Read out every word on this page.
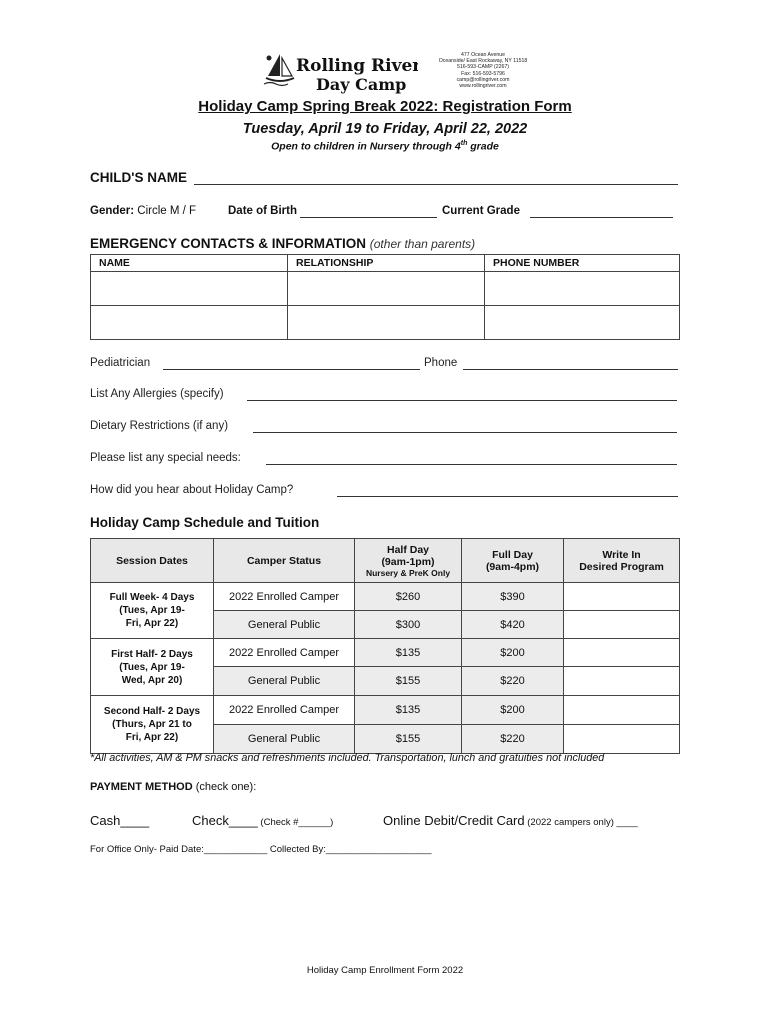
Rolling River
Day Camp
477 Ocean Avenue
Oceanside/ East Rockaway, NY 11518
516-593-CAMP (2267)
Fax: 516-593-5796
camp@rollingriver.com
www.rollingriver.com
Holiday Camp Spring Break 2022: Registration Form
Tuesday, April 19 to Friday, April 22, 2022
Open to children in Nursery through 4th grade
CHILD'S NAME
Gender: Circle M / F	Date of Birth	Current Grade
EMERGENCY CONTACTS & INFORMATION (other than parents)
NAME	RELATIONSHIP	PHONE NUMBER

Pediatrician	Phone
List Any Allergies (specify)
Dietary Restrictions (if any)
Please list any special needs:
How did you hear about Holiday Camp?
Holiday Camp Schedule and Tuition
Session Dates	Camper Status	Half Day
(9am-1pm)
Nursery & PreK Only	Full Day
(9am-4pm)	Write In
Desired Program
Full Week- 4 Days
(Tues, Apr 19-
Fri, Apr 22)	2022 Enrolled Camper	$260	$390	
	General Public	$300	$420	
First Half- 2 Days
(Tues, Apr 19-
Wed, Apr 20)	2022 Enrolled Camper	$135	$200	
	General Public	$155	$220	
Second Half- 2 Days
(Thurs, Apr 21 to
Fri, Apr 22)	2022 Enrolled Camper	$135	$200	
	General Public	$155	$220	
*All activities, AM & PM snacks and refreshments included. Transportation, lunch and gratuities not included
PAYMENT METHOD (check one):
Cash____	Check____ (Check #______)	Online Debit/Credit Card (2022 campers only) ____
For Office Only- Paid Date:____________ Collected By:____________________
Holiday Camp Enrollment Form 2022
